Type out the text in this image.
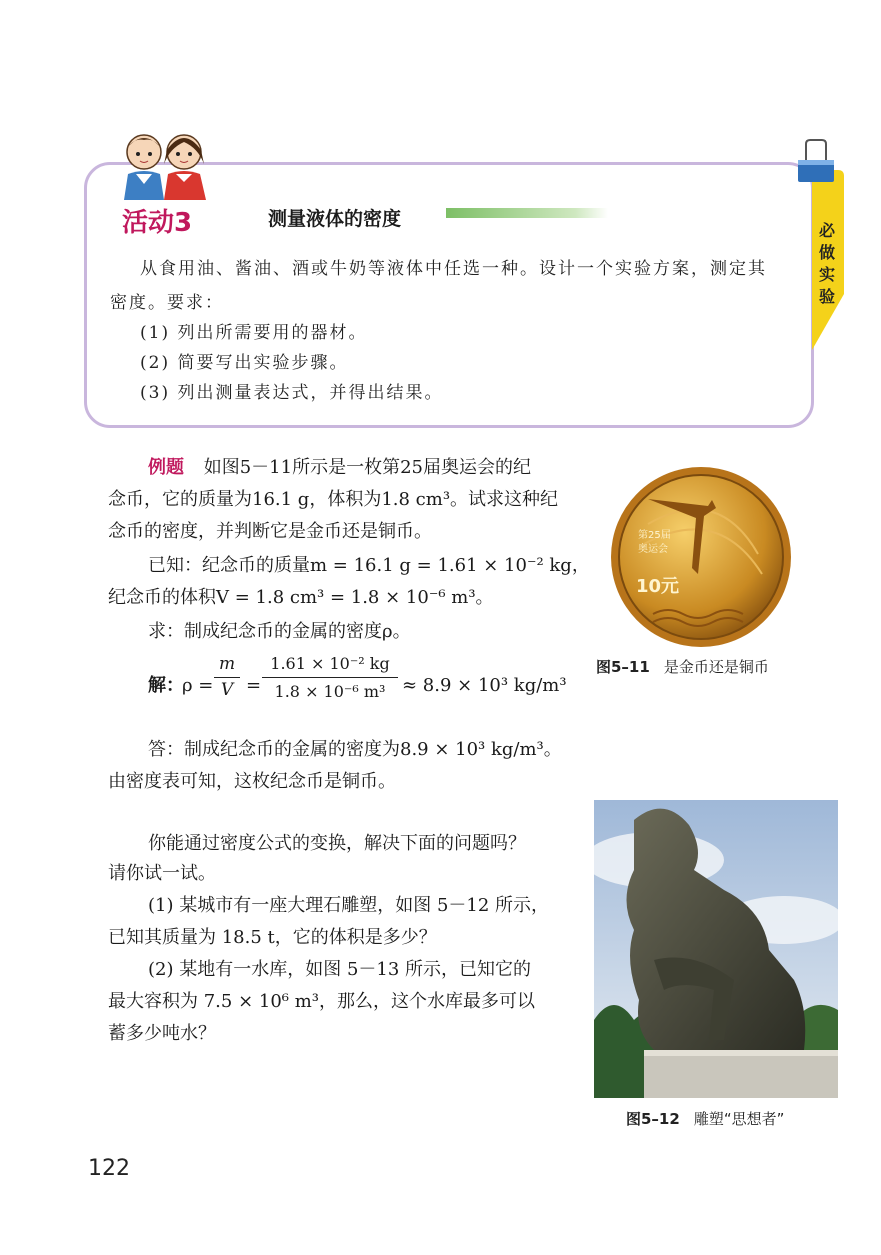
活动3	测量液体的密度
从食用油、酱油、酒或牛奶等液体中任选一种。设计一个实验方案，测定其
密度。要求：
(1) 列出所需要用的器材。
(2) 简要写出实验步骤。
(3) 列出测量表达式，并得出结果。
必做实验
例题 如图5－11所示是一枚第25届奥运会的纪
念币，它的质量为16.1 g，体积为1.8 cm³。试求这种纪
念币的密度，并判断它是金币还是铜币。
已知：纪念币的质量m = 16.1 g = 1.61 × 10⁻² kg，
纪念币的体积V = 1.8 cm³ = 1.8 × 10⁻⁶ m³。
求：制成纪念币的金属的密度ρ。
解：
ρ =
m
V =
1.61 × 10⁻² kg
1.8 × 10⁻⁶ m³ ≈ 8.9 × 10³ kg/m³
答：制成纪念币的金属的密度为8.9 × 10³ kg/m³。
由密度表可知，这枚纪念币是铜币。
你能通过密度公式的变换，解决下面的问题吗？
请你试一试。
(1) 某城市有一座大理石雕塑，如图 5－12 所示，
已知其质量为 18.5 t，它的体积是多少？
(2) 某地有一水库，如图 5－13 所示，已知它的
最大容积为 7.5 × 10⁶ m³，那么，这个水库最多可以
蓄多少吨水？
第25届
奥运会
10元
图5–11 是金币还是铜币
图5–12 雕塑“思想者”
122
